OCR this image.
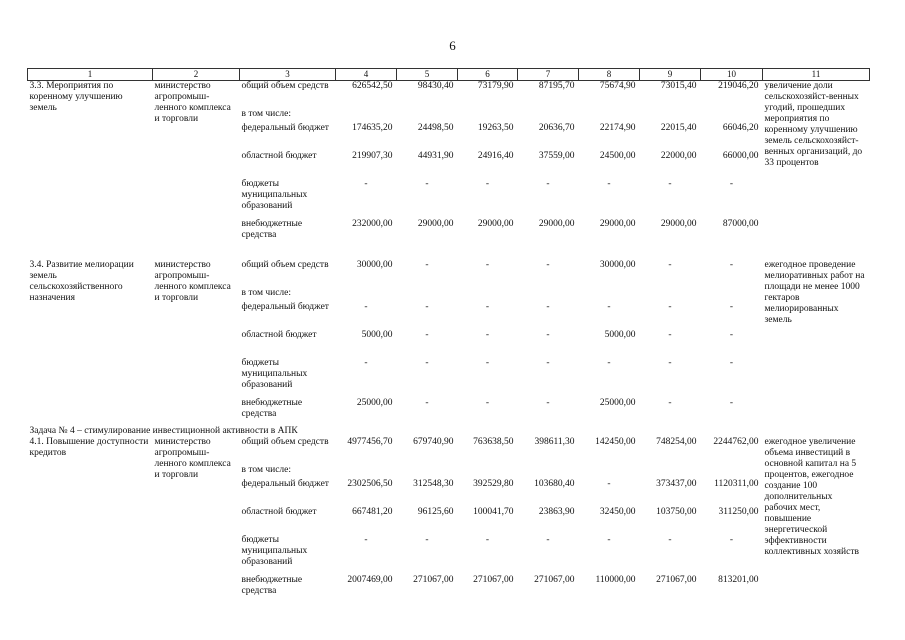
6
1	2	3	4	5	6	7	8	9	10	11
3.3. Мероприятия по коренному улучшению земель	министерство агропромыш-ленного комплекса и торговли	общий объем средств	626542,50	98430,40	73179,90	87195,70	75674,90	73015,40	219046,20	увеличение доли сельскохозяйст-венных угодий, прошедших мероприятия по коренному улучшению земель сельскохозяйст-венных организаций, до 33 процентов
		в том числе:								
		федеральный бюджет	174635,20	24498,50	19263,50	20636,70	22174,90	22015,40	66046,20	
		областной бюджет	219907,30	44931,90	24916,40	37559,00	24500,00	22000,00	66000,00	
		бюджеты муниципальных образований	-	-	-	-	-	-	-	
		внебюджетные средства	232000,00	29000,00	29000,00	29000,00	29000,00	29000,00	87000,00	

3.4. Развитие мелиорации земель сельскохозяйственного назначения	министерство агропромыш-ленного комплекса и торговли	общий объем средств	30000,00	-	-	-	30000,00	-	-	ежегодное проведение мелиоративных работ на площади не менее 1000 гектаров мелиорированных земель
		в том числе:								
		федеральный бюджет	-	-	-	-	-	-	-	
		областной бюджет	5000,00	-	-	-	5000,00	-	-	
		бюджеты муниципальных образований	-	-	-	-	-	-	-	
		внебюджетные средства	25000,00	-	-	-	25000,00	-	-	
Задача № 4 – стимулирование инвестиционной активности в АПК										
4.1. Повышение доступности кредитов	министерство агропромыш-ленного комплекса и торговли	общий объем средств	4977456,70	679740,90	763638,50	398611,30	142450,00	748254,00	2244762,00	ежегодное увеличение объема инвестиций в основной капитал на 5 процентов, ежегодное создание 100 дополнительных рабочих мест, повышение энергетической эффективности коллективных хозяйств
		в том числе:								
		федеральный бюджет	2302506,50	312548,30	392529,80	103680,40	-	373437,00	1120311,00	
		областной бюджет	667481,20	96125,60	100041,70	23863,90	32450,00	103750,00	311250,00	
		бюджеты муниципальных образований	-	-	-	-	-	-	-	
		внебюджетные средства	2007469,00	271067,00	271067,00	271067,00	110000,00	271067,00	813201,00	
